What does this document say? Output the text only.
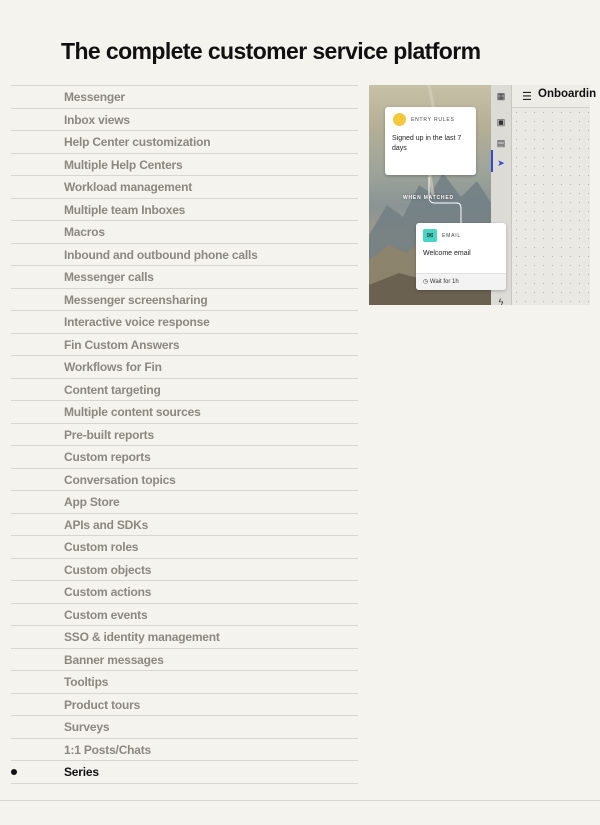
The complete customer service platform
Messenger
Inbox views
Help Center customization
Multiple Help Centers
Workload management
Multiple team Inboxes
Macros
Inbound and outbound phone calls
Messenger calls
Messenger screensharing
Interactive voice response
Fin Custom Answers
Workflows for Fin
Content targeting
Multiple content sources
Pre-built reports
Custom reports
Conversation topics
App Store
APIs and SDKs
Custom roles
Custom objects
Custom actions
Custom events
SSO & identity management
Banner messages
Tooltips
Product tours
Surveys
1:1 Posts/Chats
Series
⚡	ENTRY RULES
Signed up in the last 7 days
WHEN MATCHED
▦
▣
▤
➤
ϟ
☰ Onboardin
✉	EMAIL
Welcome email
◷ Wait for 1h
